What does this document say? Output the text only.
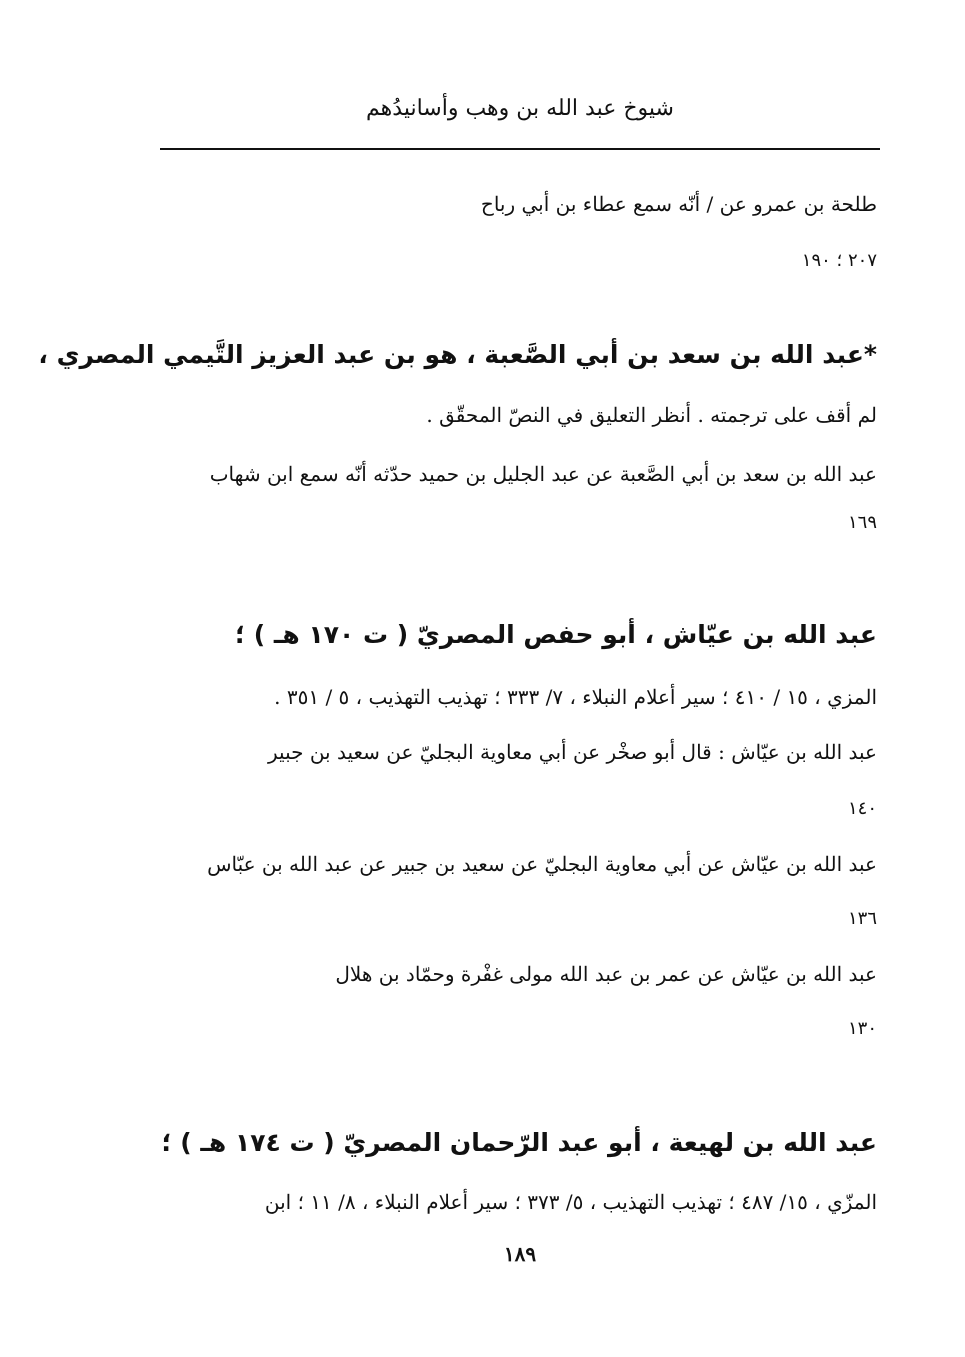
شيوخ عبد الله بن وهب وأسانيدُهم
طلحة بن عمرو عن / أنّه سمع عطاء بن أبي رباح
٢٠٧ ؛ ١٩٠
*عبد الله بن سعد بن أبي الصَّعبة ، هو بن عبد العزيز التَّيمي المصري ،
لم أقف على ترجمته . أنظر التعليق في النصّ المحقّق .
عبد الله بن سعد بن أبي الصَّعبة عن عبد الجليل بن حميد حدّثه أنّه سمع ابن شهاب
١٦٩
عبد الله بن عيّاش ، أبو حفص المصريّ ( ت ١٧٠ هـ ) ؛
المزي ، ١٥ / ٤١٠ ؛ سير أعلام النبلاء ، ٧/ ٣٣٣ ؛ تهذيب التهذيب ، ٥ / ٣٥١ .
عبد الله بن عيّاش : قال أبو صخْر عن أبي معاوية البجليّ عن سعيد بن جبير
١٤٠
عبد الله بن عيّاش عن أبي معاوية البجليّ عن سعيد بن جبير عن عبد الله بن عبّاس
١٣٦
عبد الله بن عيّاش عن عمر بن عبد الله مولى غفْرة وحمّاد بن هلال
١٣٠
عبد الله بن لهيعة ، أبو عبد الرّحمان المصريّ ( ت ١٧٤ هـ ) ؛
المزّي ، ١٥/ ٤٨٧ ؛ تهذيب التهذيب ، ٥/ ٣٧٣ ؛ سير أعلام النبلاء ، ٨/ ١١ ؛ ابن
١٨٩
